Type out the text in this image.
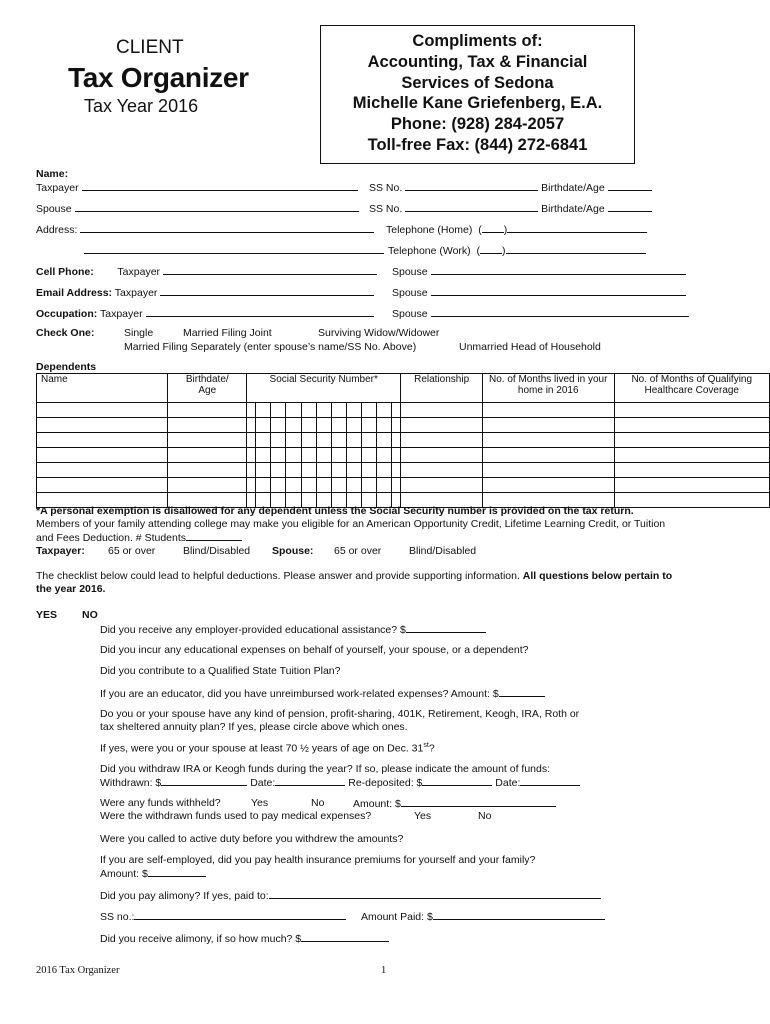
CLIENT
Tax Organizer
Tax Year 2016
Compliments of:
Accounting, Tax & Financial
Services of Sedona
Michelle Kane Griefenberg, E.A.
Phone: (928) 284-2057
Toll-free Fax: (844) 272-6841
Name:
Taxpayer	SS No.	Birthdate/Age
Spouse	SS No.	Birthdate/Age
Address:	Telephone (Home) ( )
Telephone (Work) ( )
Cell Phone: Taxpayer	Spouse
Email Address: Taxpayer	Spouse
Occupation: Taxpayer	Spouse
Check One:	Single	Married Filing Joint	Surviving Widow/Widower
Married Filing Separately (enter spouse’s name/SS No. Above)	Unmarried Head of Household
Dependents
Name	Birthdate/ Age	Social Security Number*	Relationship	No. of Months lived in your home in 2016	No. of Months of Qualifying Healthcare Coverage

*A personal exemption is disallowed for any dependent unless the Social Security number is provided on the tax return.
Members of your family attending college may make you eligible for an American Opportunity Credit, Lifetime Learning Credit, or Tuition
and Fees Deduction. # Students
Taxpayer: 65 or over	Blind/Disabled Spouse: 65 or over	Blind/Disabled
The checklist below could lead to helpful deductions. Please answer and provide supporting information. All questions below pertain to
the year 2016.
YES NO
Did you receive any employer-provided educational assistance? $
Did you incur any educational expenses on behalf of yourself, your spouse, or a dependent?
Did you contribute to a Qualified State Tuition Plan?
If you are an educator, did you have unreimbursed work-related expenses? Amount: $
Do you or your spouse have any kind of pension, profit-sharing, 401K, Retirement, Keogh, IRA, Roth or
tax sheltered annuity plan? If yes, please circle above which ones.
If yes, were you or your spouse at least 70 ½ years of age on Dec. 31st?
Did you withdraw IRA or Keogh funds during the year? If so, please indicate the amount of funds:
Withdrawn: $	Date:	Re-deposited: $	Date:
Were any funds withheld?	Yes	No	Amount: $
Were the withdrawn funds used to pay medical expenses?	Yes	No
Were you called to active duty before you withdrew the amounts?
If you are self-employed, did you pay health insurance premiums for yourself and your family?
Amount: $
Did you pay alimony? If yes, paid to:
SS no.:	Amount Paid: $
Did you receive alimony, if so how much? $
2016 Tax Organizer	1
